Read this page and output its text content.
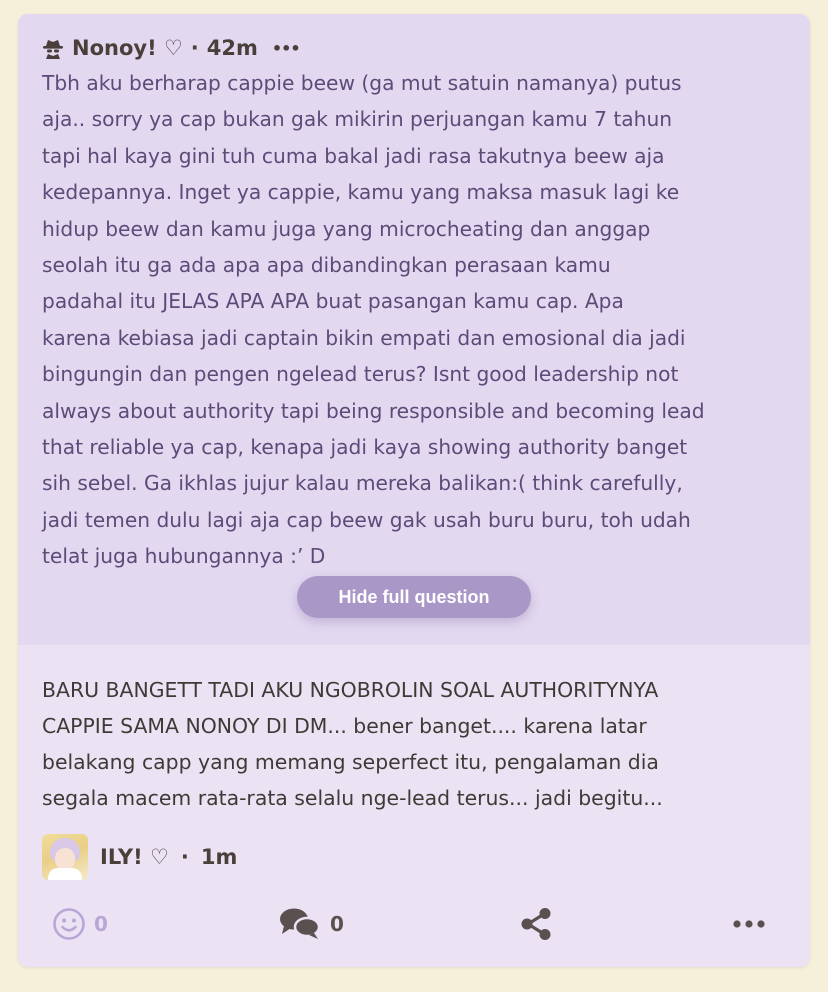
Nonoy! ♡ · 42m •••
Tbh aku berharap cappie beew (ga mut satuin namanya) putus
aja.. sorry ya cap bukan gak mikirin perjuangan kamu 7 tahun
tapi hal kaya gini tuh cuma bakal jadi rasa takutnya beew aja
kedepannya. Inget ya cappie, kamu yang maksa masuk lagi ke
hidup beew dan kamu juga yang microcheating dan anggap
seolah itu ga ada apa apa dibandingkan perasaan kamu
padahal itu JELAS APA APA buat pasangan kamu cap. Apa
karena kebiasa jadi captain bikin empati dan emosional dia jadi
bingungin dan pengen ngelead terus? Isnt good leadership not
always about authority tapi being responsible and becoming lead
that reliable ya cap, kenapa jadi kaya showing authority banget
sih sebel. Ga ikhlas jujur kalau mereka balikan:( think carefully,
jadi temen dulu lagi aja cap beew gak usah buru buru, toh udah
telat juga hubungannya :’ D
Hide full question
BARU BANGETT TADI AKU NGOBROLIN SOAL AUTHORITYNYA
CAPPIE SAMA NONOY DI DM... bener banget.... karena latar
belakang capp yang memang seperfect itu, pengalaman dia
segala macem rata-rata selalu nge-lead terus... jadi begitu...
ILY! ♡ · 1m
0	0
